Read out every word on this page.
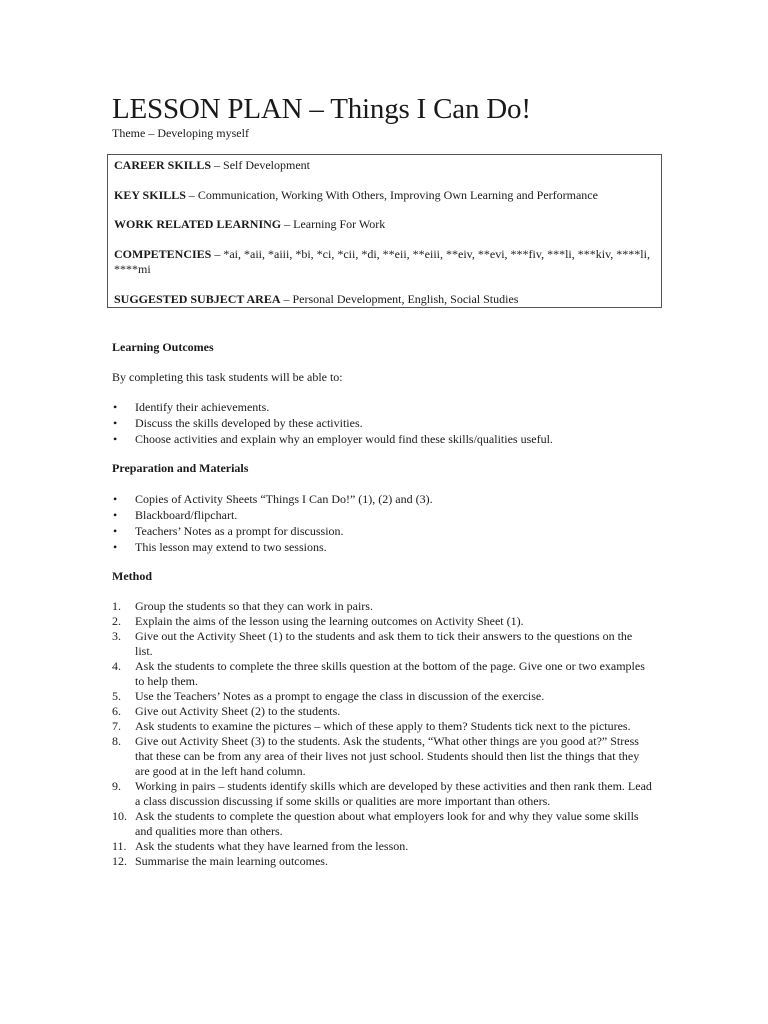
LESSON PLAN – Things I Can Do!
Theme – Developing myself
CAREER SKILLS – Self Development
KEY SKILLS – Communication, Working With Others, Improving Own Learning and Performance
WORK RELATED LEARNING – Learning For Work
COMPETENCIES – *ai, *aii, *aiii, *bi, *ci, *cii, *di, **eii, **eiii, **eiv, **evi, ***fiv, ***li, ***kiv, ****li, ****mi
SUGGESTED SUBJECT AREA – Personal Development, English, Social Studies
Learning Outcomes
By completing this task students will be able to:
• Identify their achievements.
• Discuss the skills developed by these activities.
• Choose activities and explain why an employer would find these skills/qualities useful.
Preparation and Materials
• Copies of Activity Sheets “Things I Can Do!” (1), (2) and (3).
• Blackboard/flipchart.
• Teachers’ Notes as a prompt for discussion.
• This lesson may extend to two sessions.
Method
1. Group the students so that they can work in pairs.
2. Explain the aims of the lesson using the learning outcomes on Activity Sheet (1).
3. Give out the Activity Sheet (1) to the students and ask them to tick their answers to the questions on the list.
4. Ask the students to complete the three skills question at the bottom of the page. Give one or two examples to help them.
5. Use the Teachers’ Notes as a prompt to engage the class in discussion of the exercise.
6. Give out Activity Sheet (2) to the students.
7. Ask students to examine the pictures – which of these apply to them? Students tick next to the pictures.
8. Give out Activity Sheet (3) to the students. Ask the students, “What other things are you good at?” Stress that these can be from any area of their lives not just school. Students should then list the things that they are good at in the left hand column.
9. Working in pairs – students identify skills which are developed by these activities and then rank them. Lead a class discussion discussing if some skills or qualities are more important than others.
10. Ask the students to complete the question about what employers look for and why they value some skills and qualities more than others.
11. Ask the students what they have learned from the lesson.
12. Summarise the main learning outcomes.
